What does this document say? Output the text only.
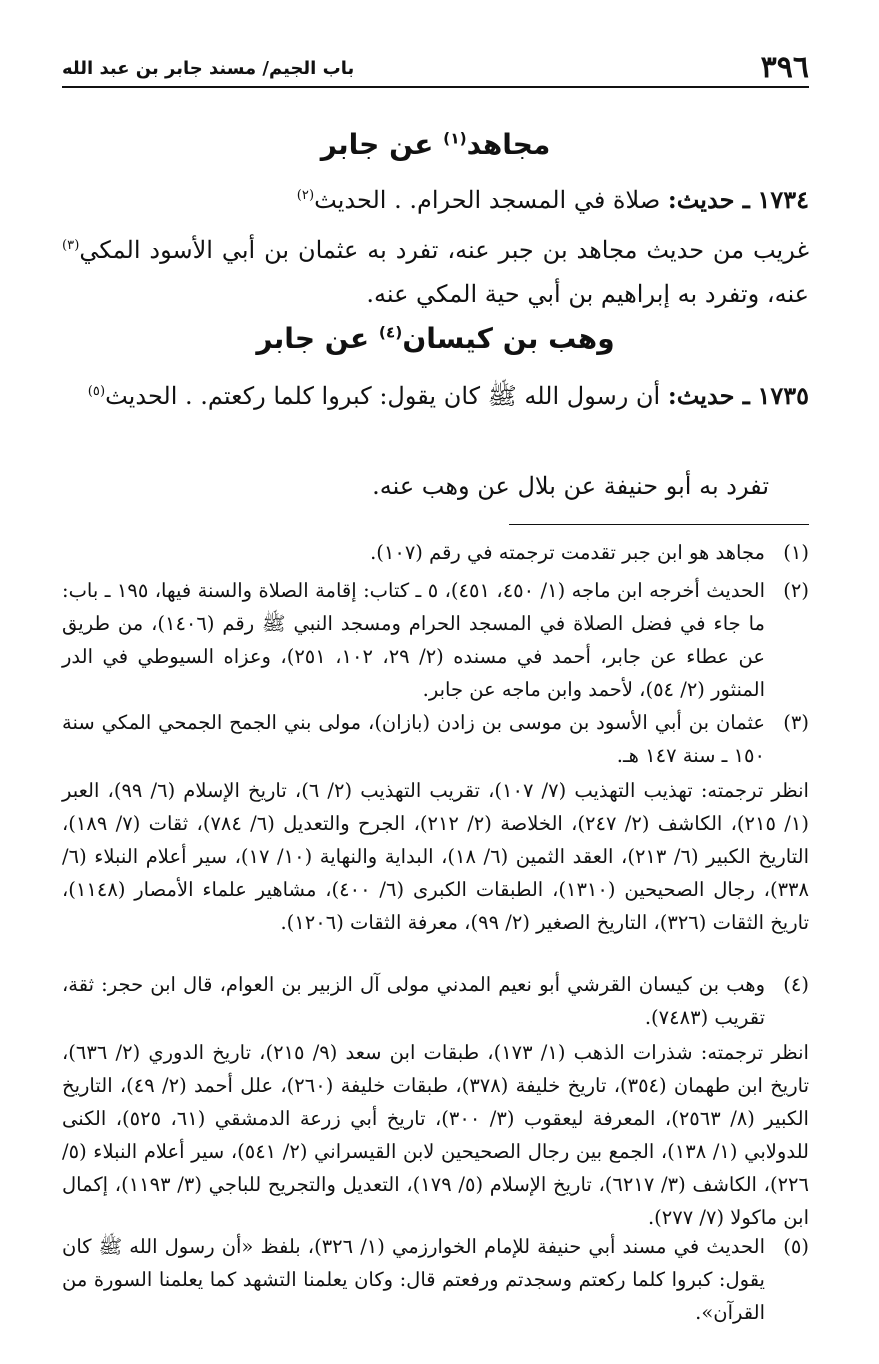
٣٩٦
باب الجيم/ مسند جابر بن عبد الله
مجاهد$^{(١)}$ عن جابر
١٧٣٤ ـ حديث: صلاة في المسجد الحرام. . الحديث$^{(٢)}$
غريب من حديث مجاهد بن جبر عنه، تفرد به عثمان بن أبي الأسود المكي$^{(٣)}$ عنه، وتفرد به إبراهيم بن أبي حية المكي عنه.
وهب بن كيسان$^{(٤)}$ عن جابر
١٧٣٥ ـ حديث: أن رسول الله ﷺ كان يقول: كبروا كلما ركعتم. . الحديث$^{(٥)}$
تفرد به أبو حنيفة عن بلال عن وهب عنه.
(١)
مجاهد هو ابن جبر تقدمت ترجمته في رقم (١٠٧).
(٢)
الحديث أخرجه ابن ماجه (١/ ٤٥٠، ٤٥١)، ٥ ـ كتاب: إقامة الصلاة والسنة فيها، ١٩٥ ـ باب: ما جاء في فضل الصلاة في المسجد الحرام ومسجد النبي ﷺ رقم (١٤٠٦)، من طريق عن عطاء عن جابر، أحمد في مسنده (٢/ ٢٩، ١٠٢، ٢٥١)، وعزاه السيوطي في الدر المنثور (٢/ ٥٤)، لأحمد وابن ماجه عن جابر.
(٣)
عثمان بن أبي الأسود بن موسى بن زادن (بازان)، مولى بني الجمح الجمحي المكي سنة ١٥٠ ـ سنة ١٤٧ هـ.
انظر ترجمته: تهذيب التهذيب (٧/ ١٠٧)، تقريب التهذيب (٢/ ٦)، تاريخ الإسلام (٦/ ٩٩)، العبر (١/ ٢١٥)، الكاشف (٢/ ٢٤٧)، الخلاصة (٢/ ٢١٢)، الجرح والتعديل (٦/ ٧٨٤)، ثقات (٧/ ١٨٩)، التاريخ الكبير (٦/ ٢١٣)، العقد الثمين (٦/ ١٨)، البداية والنهاية (١٠/ ١٧)، سير أعلام النبلاء (٦/ ٣٣٨)، رجال الصحيحين (١٣١٠)، الطبقات الكبرى (٦/ ٤٠٠)، مشاهير علماء الأمصار (١١٤٨)، تاريخ الثقات (٣٢٦)، التاريخ الصغير (٢/ ٩٩)، معرفة الثقات (١٢٠٦).
(٤)
وهب بن كيسان القرشي أبو نعيم المدني مولى آل الزبير بن العوام، قال ابن حجر: ثقة، تقريب (٧٤٨٣).
انظر ترجمته: شذرات الذهب (١/ ١٧٣)، طبقات ابن سعد (٩/ ٢١٥)، تاريخ الدوري (٢/ ٦٣٦)، تاريخ ابن طهمان (٣٥٤)، تاريخ خليفة (٣٧٨)، طبقات خليفة (٢٦٠)، علل أحمد (٢/ ٤٩)، التاريخ الكبير (٨/ ٢٥٦٣)، المعرفة ليعقوب (٣/ ٣٠٠)، تاريخ أبي زرعة الدمشقي (٦١، ٥٢٥)، الكنى للدولابي (١/ ١٣٨)، الجمع بين رجال الصحيحين لابن القيسراني (٢/ ٥٤١)، سير أعلام النبلاء (٥/ ٢٢٦)، الكاشف (٣/ ٦٢١٧)، تاريخ الإسلام (٥/ ١٧٩)، التعديل والتجريح للباجي (٣/ ١١٩٣)، إكمال ابن ماكولا (٧/ ٢٧٧).
(٥)
الحديث في مسند أبي حنيفة للإمام الخوارزمي (١/ ٣٢٦)، بلفظ «أن رسول الله ﷺ كان يقول: كبروا كلما ركعتم وسجدتم ورفعتم قال: وكان يعلمنا التشهد كما يعلمنا السورة من القرآن».
